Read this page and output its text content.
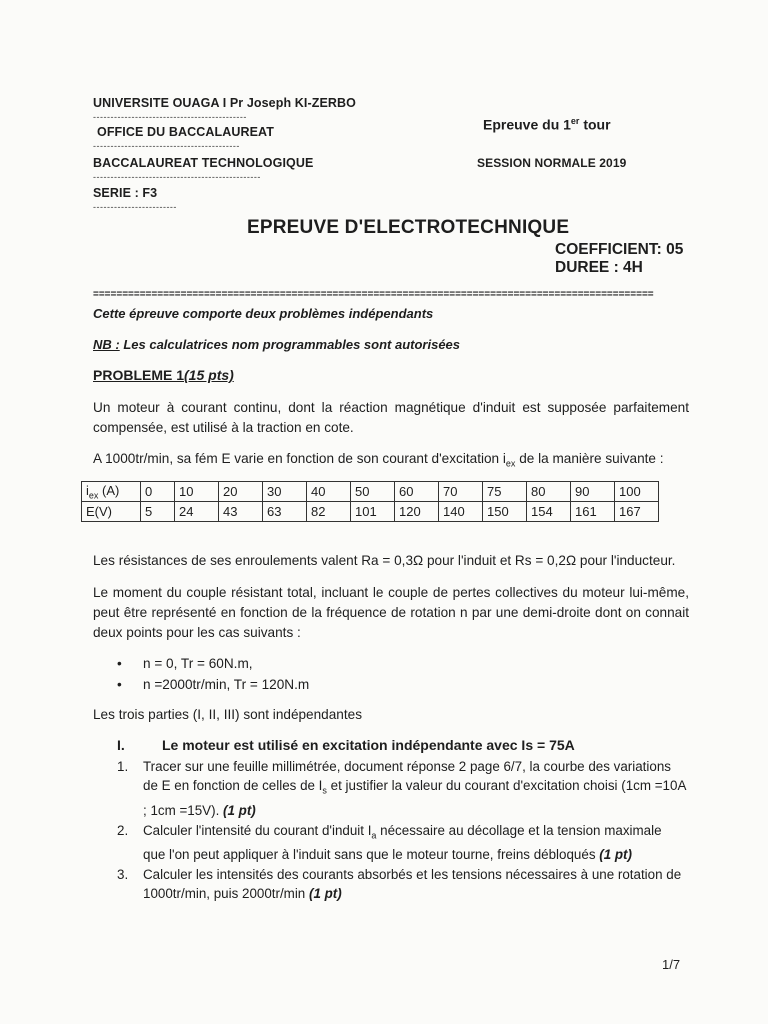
UNIVERSITE OUAGA I Pr Joseph KI-ZERBO
--------------------------------------------
OFFICE DU BACCALAUREAT
------------------------------------------
BACCALAUREAT TECHNOLOGIQUE
------------------------------------------------
SERIE : F3
------------------------
Epreuve du 1er tour
SESSION NORMALE 2019
EPREUVE D'ELECTROTECHNIQUE
COEFFICIENT: 05
DUREE : 4H
================================================================================================
Cette épreuve comporte deux problèmes indépendants
NB : Les calculatrices nom programmables sont autorisées
PROBLEME 1(15 pts)
Un moteur à courant continu, dont la réaction magnétique d'induit est supposée parfaitement compensée, est utilisé à la traction en cote.
A 1000tr/min, sa fém E varie en fonction de son courant d'excitation $i_{ex}$ de la manière suivante :
$i_{ex}$ (A)	0	10	20	30	40	50	60	70	75	80	90	100
E(V)	5	24	43	63	82	101	120	140	150	154	161	167
Les résistances de ses enroulements valent Ra = 0,3Ω pour l'induit et Rs = 0,2Ω pour l'inducteur.
Le moment du couple résistant total, incluant le couple de pertes collectives du moteur lui-même, peut être représenté en fonction de la fréquence de rotation n par une demi-droite dont on connait deux points pour les cas suivants :
• n = 0, Tr = 60N.m,
• n =2000tr/min, Tr = 120N.m
Les trois parties (I, II, III) sont indépendantes
I.	Le moteur est utilisé en excitation indépendante avec Is = 75A
1. Tracer sur une feuille millimétrée, document réponse 2 page 6/7, la courbe des variations de E en fonction de celles de $I_s$ et justifier la valeur du courant d'excitation choisi (1cm =10A ; 1cm =15V). (1 pt)
2. Calculer l'intensité du courant d'induit $I_a$ nécessaire au décollage et la tension maximale que l'on peut appliquer à l'induit sans que le moteur tourne, freins débloqués (1 pt)
3. Calculer les intensités des courants absorbés et les tensions nécessaires à une rotation de 1000tr/min, puis 2000tr/min (1 pt)
1/7
